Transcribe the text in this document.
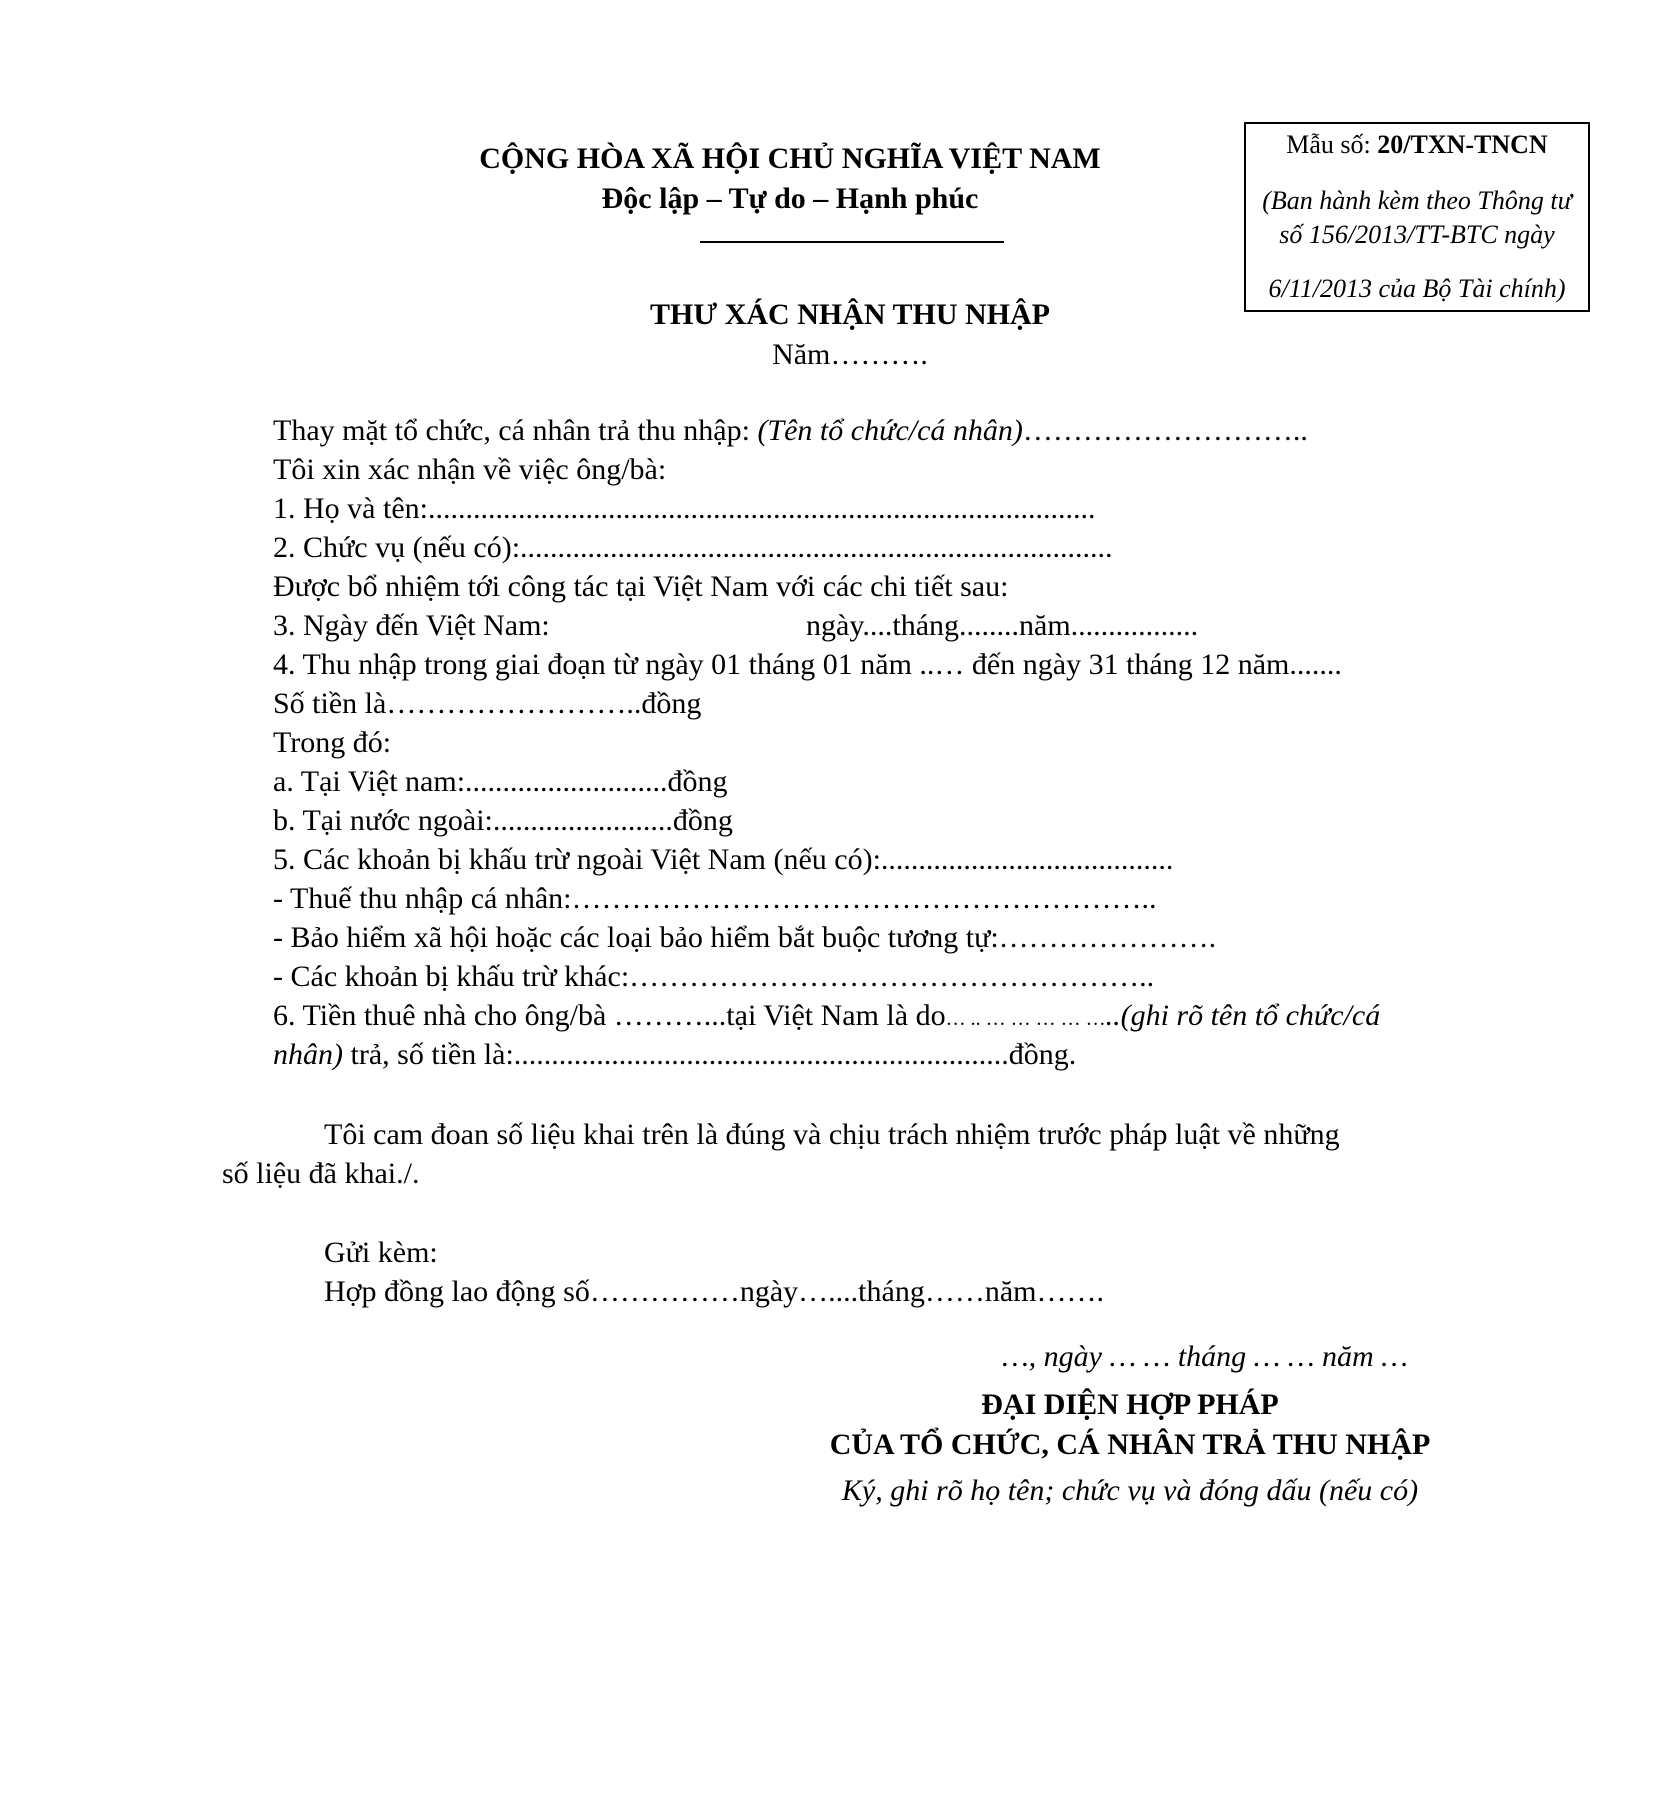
Mẫu số: 20/TXN-TNCN
(Ban hành kèm theo Thông tư
số 156/2013/TT-BTC ngày
6/11/2013 của Bộ Tài chính)
CỘNG HÒA XÃ HỘI CHỦ NGHĨA VIỆT NAM
Độc lập – Tự do – Hạnh phúc
THƯ XÁC NHẬN THU NHẬP
Năm……….
Thay mặt tổ chức, cá nhân trả thu nhập: (Tên tổ chức/cá nhân)………………………..
Tôi xin xác nhận về việc ông/bà:
1. Họ và tên:.........................................................................................
2. Chức vụ (nếu có):...............................................................................
Được bổ nhiệm tới công tác tại Việt Nam với các chi tiết sau:
3. Ngày đến Việt Nam:	ngày....tháng........năm.................
4. Thu nhập trong giai đoạn từ ngày 01 tháng 01 năm ..… đến ngày 31 tháng 12 năm.......
Số tiền là……………………..đồng
Trong đó:
a. Tại Việt nam:...........................đồng
b. Tại nước ngoài:........................đồng
5. Các khoản bị khấu trừ ngoài Việt Nam (nếu có):.......................................
- Thuế thu nhập cá nhân:…………………………………………………..
- Bảo hiểm xã hội hoặc các loại bảo hiểm bắt buộc tương tự:………………….
- Các khoản bị khấu trừ khác:……………………………………………..
6. Tiền thuê nhà cho ông/bà ………...tại Việt Nam là do… .. … … … … …..(ghi rõ tên tổ chức/cá
nhân) trả, số tiền là:..................................................................đồng.
Tôi cam đoan số liệu khai trên là đúng và chịu trách nhiệm trước pháp luật về những
số liệu đã khai./.
Gửi kèm:
Hợp đồng lao động số……………ngày…....tháng……năm…….
…, ngày … … tháng … … năm …
ĐẠI DIỆN HỢP PHÁP
CỦA TỔ CHỨC, CÁ NHÂN TRẢ THU NHẬP
Ký, ghi rõ họ tên; chức vụ và đóng dấu (nếu có)
